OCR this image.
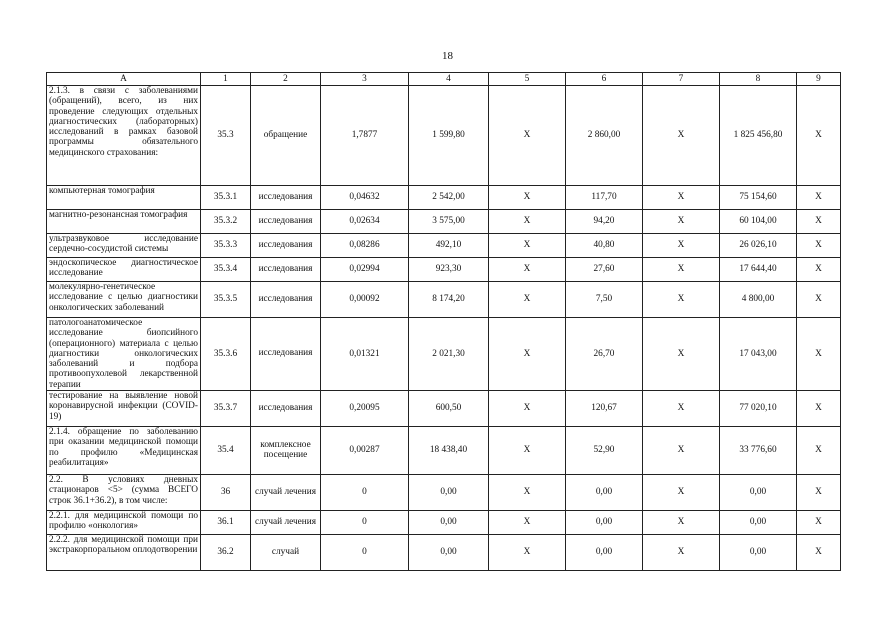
18
А	1	2	3	4	5	6	7	8	9
2.1.3. в связи с заболеваниями (обращений), всего, из них проведение следующих отдельных диагностических (лабораторных) исследований в рамках базовой программы обязательного медицинского страхования:	35.3	обращение	1,7877	1 599,80	X	2 860,00	X	1 825 456,80	X
компьютерная томография	35.3.1	исследования	0,04632	2 542,00	X	117,70	X	75 154,60	X
магнитно-резонансная томография	35.3.2	исследования	0,02634	3 575,00	X	94,20	X	60 104,00	X
ультразвуковое исследование сердечно-сосудистой системы	35.3.3	исследования	0,08286	492,10	X	40,80	X	26 026,10	X
эндоскопическое диагностическое исследование	35.3.4	исследования	0,02994	923,30	X	27,60	X	17 644,40	X
молекулярно-генетическое исследование с целью диагностики онкологических заболеваний	35.3.5	исследования	0,00092	8 174,20	X	7,50	X	4 800,00	X
патологоанатомическое исследование биопсийного (операционного) материала с целью диагностики онкологических заболеваний и подбора противоопухолевой лекарственной терапии	35.3.6	исследования	0,01321	2 021,30	X	26,70	X	17 043,00	X
тестирование на выявление новой коронавирусной инфекции (COVID-19)	35.3.7	исследования	0,20095	600,50	X	120,67	X	77 020,10	X
2.1.4. обращение по заболеванию при оказании медицинской помощи по профилю «Медицинская реабилитация»	35.4	комплексное посещение	0,00287	18 438,40	X	52,90	X	33 776,60	X
2.2. В условиях дневных стационаров <5> (сумма ВСЕГО строк 36.1+36.2), в том числе:	36	случай лечения	0	0,00	X	0,00	X	0,00	X
2.2.1. для медицинской помощи по профилю «онкология»	36.1	случай лечения	0	0,00	X	0,00	X	0,00	X
2.2.2. для медицинской помощи при экстракорпоральном оплодотворении	36.2	случай	0	0,00	X	0,00	X	0,00	X
